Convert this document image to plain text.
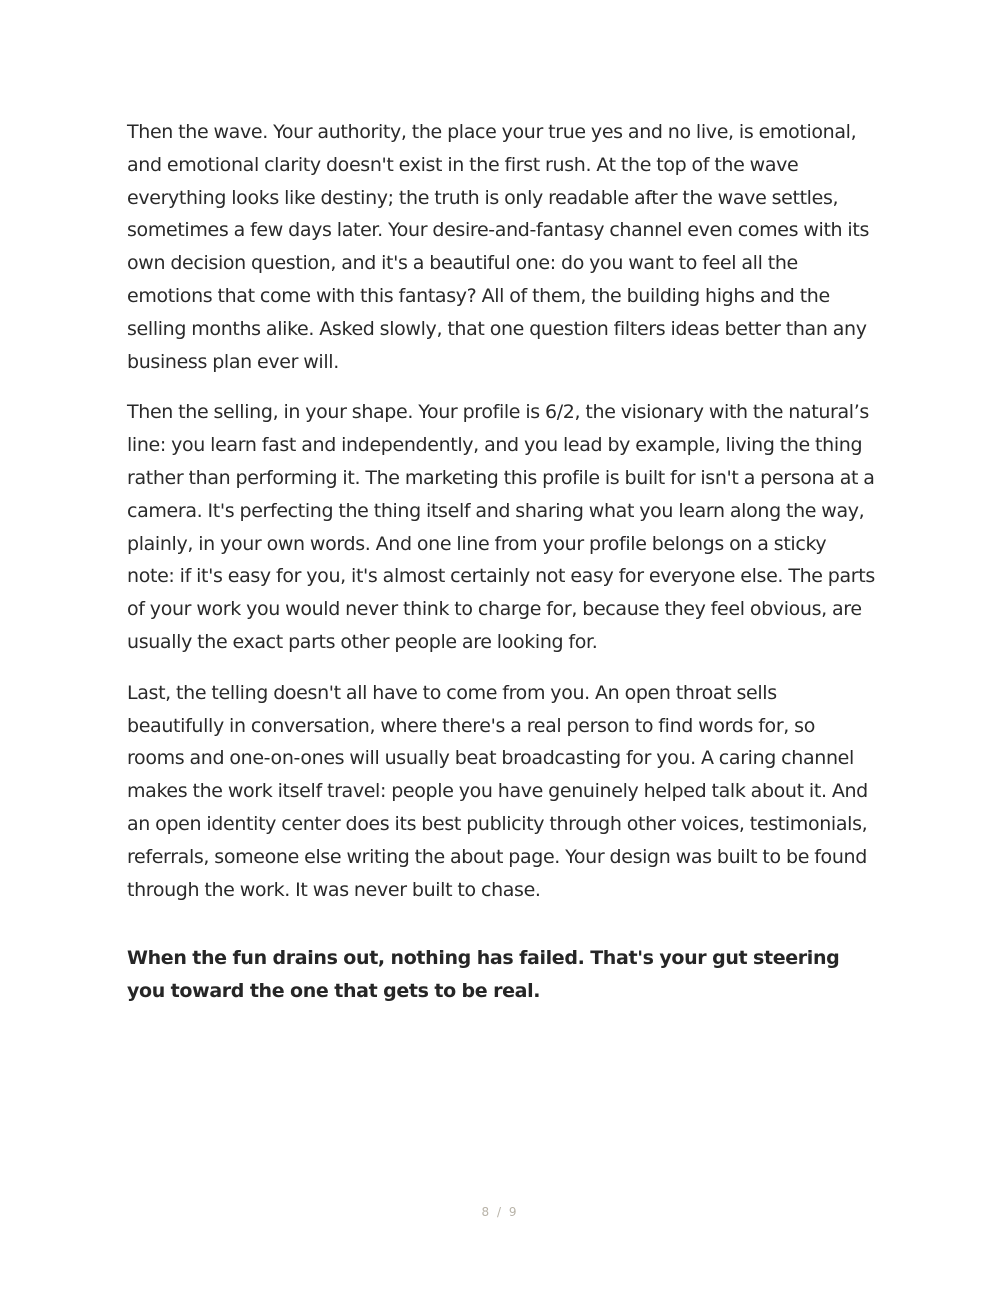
Then the wave. Your authority, the place your true yes and no live, is emotional, and emotional clarity doesn't exist in the first rush. At the top of the wave everything looks like destiny; the truth is only readable after the wave settles, sometimes a few days later. Your desire-and-fantasy channel even comes with its own decision question, and it's a beautiful one: do you want to feel all the emotions that come with this fantasy? All of them, the building highs and the selling months alike. Asked slowly, that one question filters ideas better than any business plan ever will.

Then the selling, in your shape. Your profile is 6/2, the visionary with the natural’s line: you learn fast and independently, and you lead by example, living the thing rather than performing it. The marketing this profile is built for isn't a persona at a camera. It's perfecting the thing itself and sharing what you learn along the way, plainly, in your own words. And one line from your profile belongs on a sticky note: if it's easy for you, it's almost certainly not easy for everyone else. The parts of your work you would never think to charge for, because they feel obvious, are usually the exact parts other people are looking for.

Last, the telling doesn't all have to come from you. An open throat sells beautifully in conversation, where there's a real person to find words for, so rooms and one-on-ones will usually beat broadcasting for you. A caring channel makes the work itself travel: people you have genuinely helped talk about it. And an open identity center does its best publicity through other voices, testimonials, referrals, someone else writing the about page. Your design was built to be found through the work. It was never built to chase.

When the fun drains out, nothing has failed. That's your gut steering you toward the one that gets to be real.

8 / 9
